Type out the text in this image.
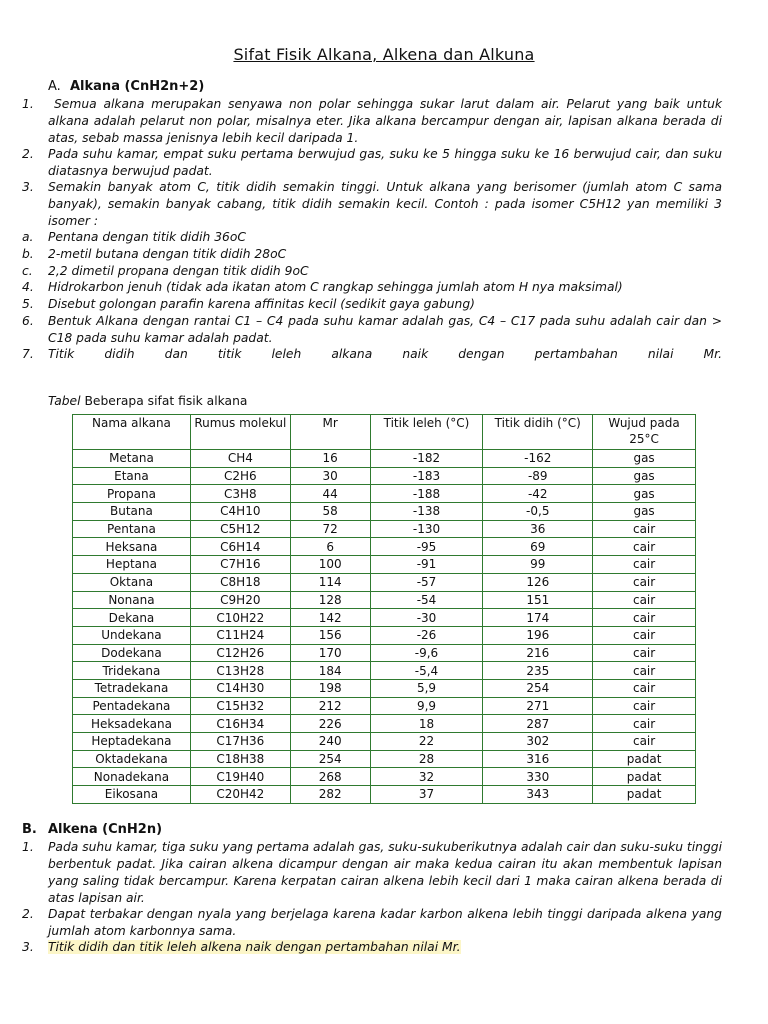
Sifat Fisik Alkana, Alkena dan Alkuna
A. Alkana (CnH2n+2)
1.	Semua alkana merupakan senyawa non polar sehingga sukar larut dalam air. Pelarut yang baik untuk alkana adalah pelarut non polar, misalnya eter. Jika alkana bercampur dengan air, lapisan alkana berada di atas, sebab massa jenisnya lebih kecil daripada 1.
2. Pada suhu kamar, empat suku pertama berwujud gas, suku ke 5 hingga suku ke 16 berwujud cair, dan suku diatasnya berwujud padat.
3. Semakin banyak atom C, titik didih semakin tinggi. Untuk alkana yang berisomer (jumlah atom C sama banyak), semakin banyak cabang, titik didih semakin kecil. Contoh : pada isomer C5H12 yan memiliki 3 isomer :
a. Pentana dengan titik didih 36oC
b. 2-metil butana dengan titik didih 28oC
c. 2,2 dimetil propana dengan titik didih 9oC
4. Hidrokarbon jenuh (tidak ada ikatan atom C rangkap sehingga jumlah atom H nya maksimal)
5. Disebut golongan parafin karena affinitas kecil (sedikit gaya gabung)
6. Bentuk Alkana dengan rantai C1 – C4 pada suhu kamar adalah gas, C4 – C17 pada suhu adalah cair dan > C18 pada suhu kamar adalah padat.
7. Titik didih dan titik leleh alkana naik dengan pertambahan nilai Mr.
Tabel Beberapa sifat fisik alkana
Nama alkana	Rumus molekul	Mr	Titik leleh (°C)	Titik didih (°C)	Wujud pada 25°C
Metana	CH4	16	-182	-162	gas
Etana	C2H6	30	-183	-89	gas
Propana	C3H8	44	-188	-42	gas
Butana	C4H10	58	-138	-0,5	gas
Pentana	C5H12	72	-130	36	cair
Heksana	C6H14	6	-95	69	cair
Heptana	C7H16	100	-91	99	cair
Oktana	C8H18	114	-57	126	cair
Nonana	C9H20	128	-54	151	cair
Dekana	C10H22	142	-30	174	cair
Undekana	C11H24	156	-26	196	cair
Dodekana	C12H26	170	-9,6	216	cair
Tridekana	C13H28	184	-5,4	235	cair
Tetradekana	C14H30	198	5,9	254	cair
Pentadekana	C15H32	212	9,9	271	cair
Heksadekana	C16H34	226	18	287	cair
Heptadekana	C17H36	240	22	302	cair
Oktadekana	C18H38	254	28	316	padat
Nonadekana	C19H40	268	32	330	padat
Eikosana	C20H42	282	37	343	padat
B. Alkena (CnH2n)
1. Pada suhu kamar, tiga suku yang pertama adalah gas, suku-sukuberikutnya adalah cair dan suku-suku tinggi berbentuk padat. Jika cairan alkena dicampur dengan air maka kedua cairan itu akan membentuk lapisan yang saling tidak bercampur. Karena kerpatan cairan alkena lebih kecil dari 1 maka cairan alkena berada di atas lapisan air.
2. Dapat terbakar dengan nyala yang berjelaga karena kadar karbon alkena lebih tinggi daripada alkena yang jumlah atom karbonnya sama.
3. Titik didih dan titik leleh alkena naik dengan pertambahan nilai Mr.
